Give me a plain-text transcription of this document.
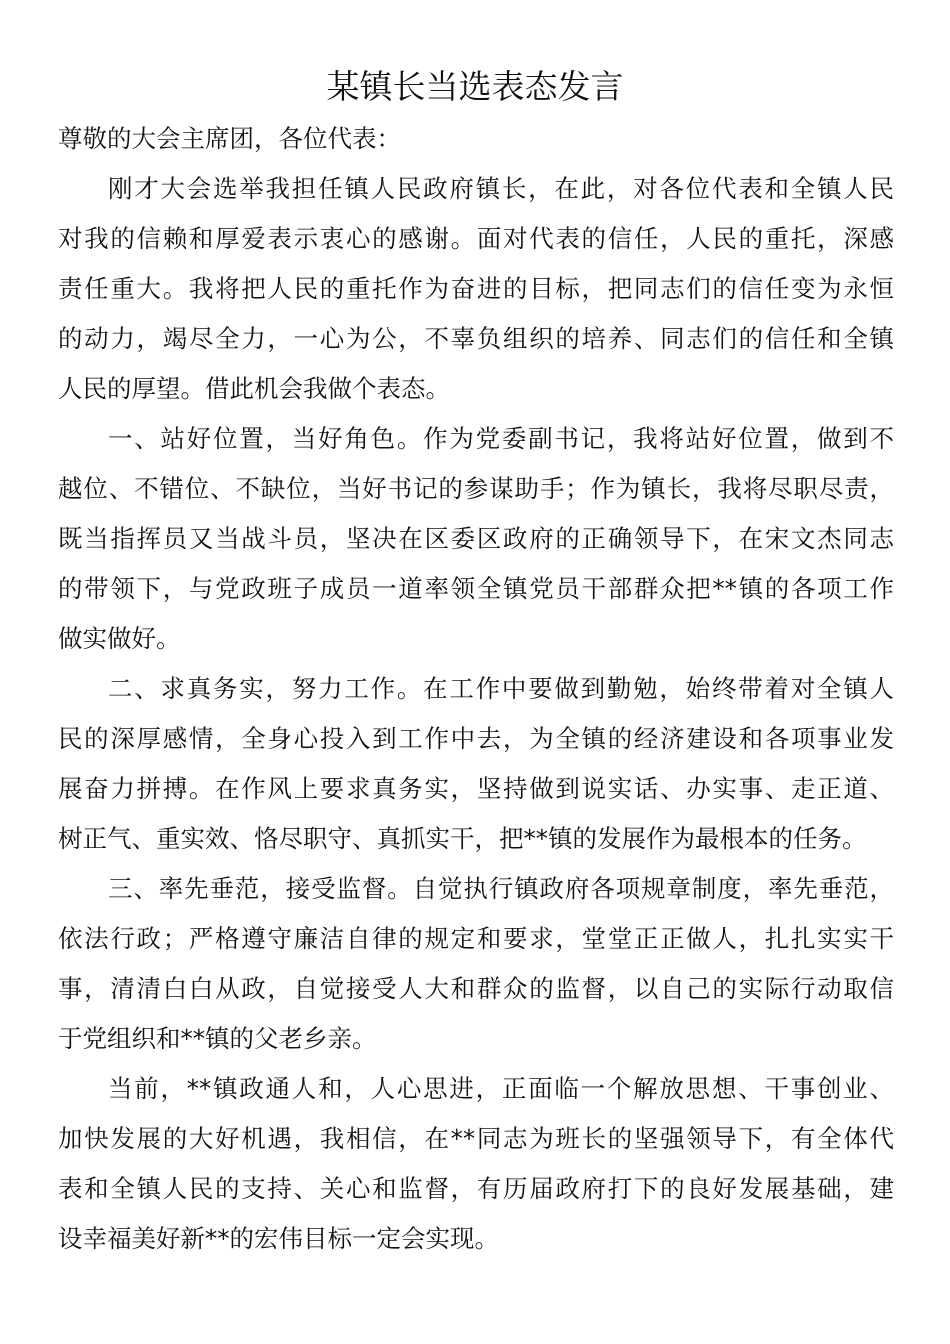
某镇长当选表态发言
尊敬的大会主席团，各位代表：
刚才大会选举我担任镇人民政府镇长，在此，对各位代表和全镇人民
对我的信赖和厚爱表示衷心的感谢。面对代表的信任，人民的重托，深感
责任重大。我将把人民的重托作为奋进的目标，把同志们的信任变为永恒
的动力，竭尽全力，一心为公，不辜负组织的培养、同志们的信任和全镇
人民的厚望。借此机会我做个表态。
一、站好位置，当好角色。作为党委副书记，我将站好位置，做到不
越位、不错位、不缺位，当好书记的参谋助手；作为镇长，我将尽职尽责，
既当指挥员又当战斗员，坚决在区委区政府的正确领导下，在宋文杰同志
的带领下，与党政班子成员一道率领全镇党员干部群众把**镇的各项工作
做实做好。
二、求真务实，努力工作。在工作中要做到勤勉，始终带着对全镇人
民的深厚感情，全身心投入到工作中去，为全镇的经济建设和各项事业发
展奋力拼搏。在作风上要求真务实，坚持做到说实话、办实事、走正道、
树正气、重实效、恪尽职守、真抓实干，把**镇的发展作为最根本的任务。
三、率先垂范，接受监督。自觉执行镇政府各项规章制度，率先垂范，
依法行政；严格遵守廉洁自律的规定和要求，堂堂正正做人，扎扎实实干
事，清清白白从政，自觉接受人大和群众的监督，以自己的实际行动取信
于党组织和**镇的父老乡亲。
当前，**镇政通人和，人心思进，正面临一个解放思想、干事创业、
加快发展的大好机遇，我相信，在**同志为班长的坚强领导下，有全体代
表和全镇人民的支持、关心和监督，有历届政府打下的良好发展基础，建
设幸福美好新**的宏伟目标一定会实现。
